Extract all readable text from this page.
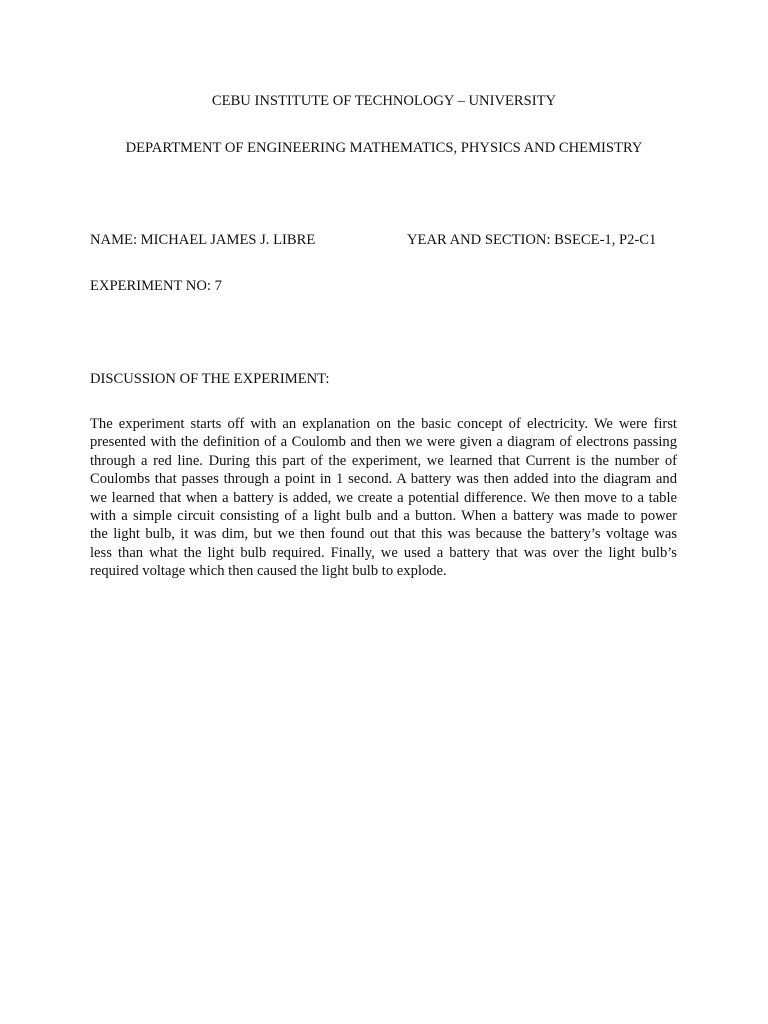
CEBU INSTITUTE OF TECHNOLOGY – UNIVERSITY
DEPARTMENT OF ENGINEERING MATHEMATICS, PHYSICS AND CHEMISTRY
NAME: MICHAEL JAMES J. LIBRE	YEAR AND SECTION: BSECE-1, P2-C1
EXPERIMENT NO: 7
DISCUSSION OF THE EXPERIMENT:
The experiment starts off with an explanation on the basic concept of electricity. We were first
presented with the definition of a Coulomb and then we were given a diagram of electrons passing
through a red line. During this part of the experiment, we learned that Current is the number of
Coulombs that passes through a point in 1 second. A battery was then added into the diagram and
we learned that when a battery is added, we create a potential difference. We then move to a table
with a simple circuit consisting of a light bulb and a button. When a battery was made to power
the light bulb, it was dim, but we then found out that this was because the battery’s voltage was
less than what the light bulb required. Finally, we used a battery that was over the light bulb’s
required voltage which then caused the light bulb to explode.
